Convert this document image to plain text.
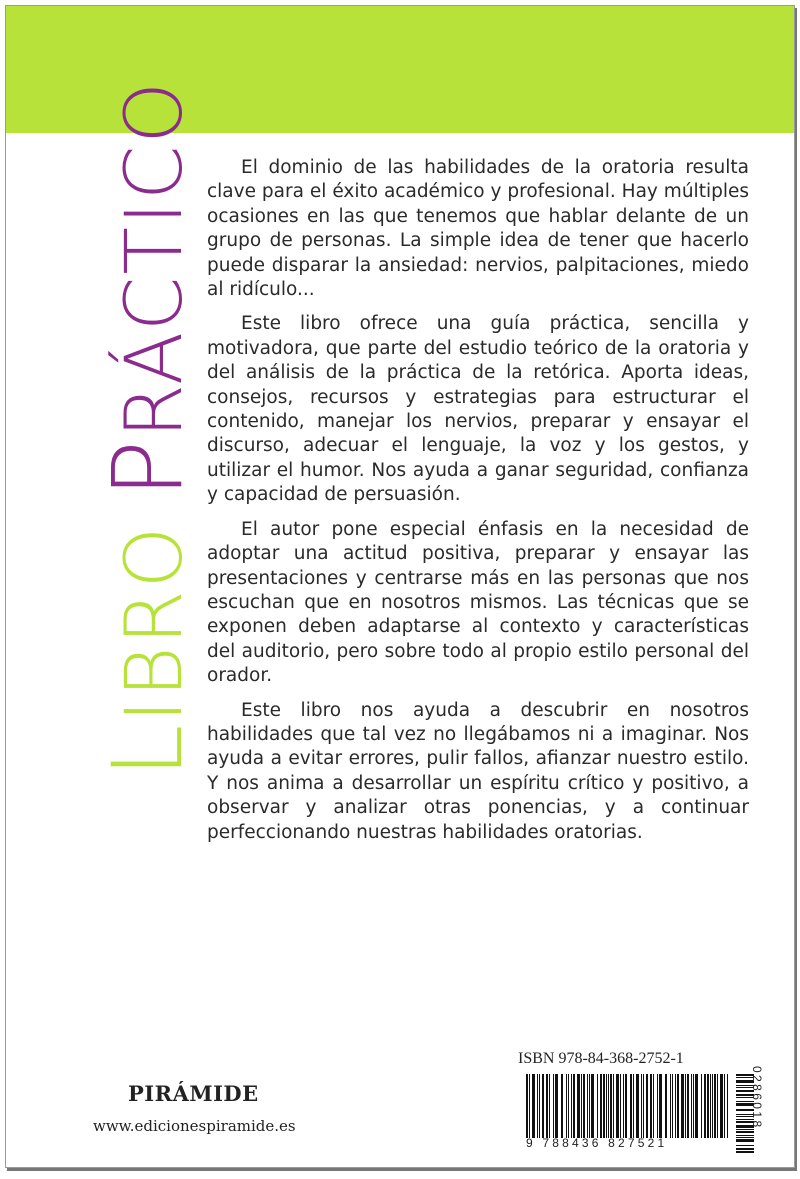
LIBRO PRÁCTICO	El dominio de las habilidades de la oratoria resulta clave para el éxito académico y profesional. Hay múltiples ocasiones en las que tenemos que hablar delante de un grupo de personas. La simple idea de tener que hacerlo puede disparar la ansiedad: nervios, palpitaciones, miedo al ridículo...

Este libro ofrece una guía práctica, sencilla y motivadora, que parte del estudio teórico de la oratoria y del análisis de la práctica de la retórica. Aporta ideas, consejos, recursos y estrategias para estructurar el contenido, manejar los nervios, preparar y ensayar el discurso, adecuar el lenguaje, la voz y los gestos, y utilizar el humor. Nos ayuda a ganar seguridad, confianza y capacidad de persuasión.

El autor pone especial énfasis en la necesidad de adoptar una actitud positiva, preparar y ensayar las presentaciones y centrarse más en las personas que nos escuchan que en nosotros mismos. Las técnicas que se exponen deben adaptarse al contexto y características del auditorio, pero sobre todo al propio estilo personal del orador.

Este libro nos ayuda a descubrir en nosotros habilidades que tal vez no llegábamos ni a imaginar. Nos ayuda a evitar errores, pulir fallos, afianzar nuestro estilo. Y nos anima a desarrollar un espíritu crítico y positivo, a observar y analizar otras ponencias, y a continuar perfeccionando nuestras habilidades oratorias.

PIRÁMIDE
www.edicionespiramide.es
ISBN 978-84-368-2752-1
9 788436 827521
0286018
